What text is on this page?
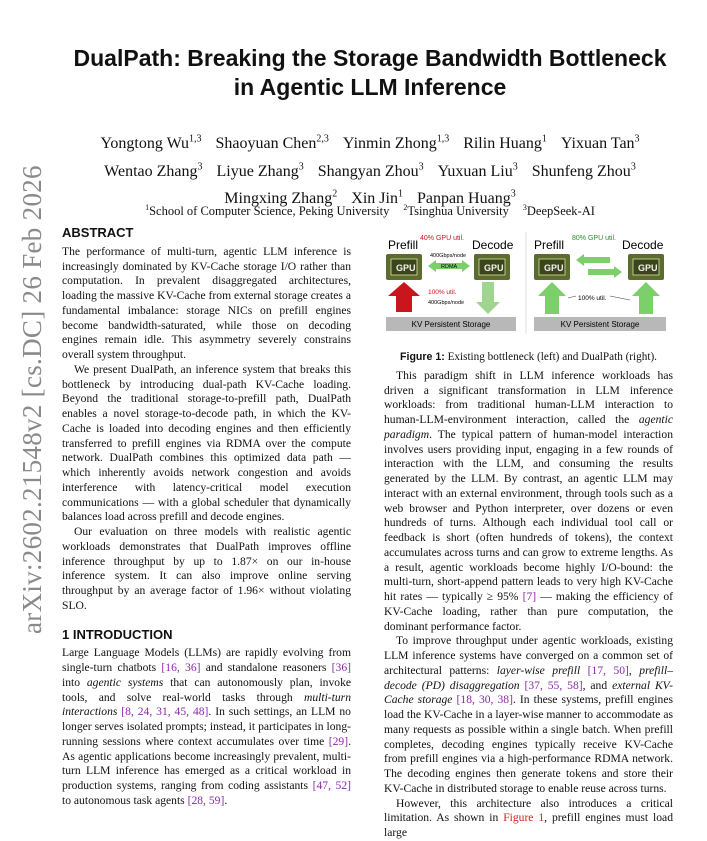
arXiv:2602.21548v2 [cs.DC] 26 Feb 2026
DualPath: Breaking the Storage Bandwidth Bottleneck in Agentic LLM Inference
Yongtong Wu$^{1,3}$ Shaoyuan Chen$^{2,3}$ Yinmin Zhong$^{1,3}$ Rilin Huang$^1$ Yixuan Tan$^3$ Wentao Zhang$^3$ Liyue Zhang$^3$ Shangyan Zhou$^3$ Yuxuan Liu$^3$ Shunfeng Zhou$^3$ Mingxing Zhang$^2$ Xin Jin$^1$ Panpan Huang$^3$
$^1$School of Computer Science, Peking University $^2$Tsinghua University $^3$DeepSeek-AI
ABSTRACT

The performance of multi-turn, agentic LLM inference is increasingly dominated by KV-Cache storage I/O rather than computation. In prevalent disaggregated architectures, loading the massive KV-Cache from external storage creates a fundamental imbalance: storage NICs on prefill engines become bandwidth-saturated, while those on decoding engines remain idle. This asymmetry severely constrains overall system throughput.

We present DualPath, an inference system that breaks this bottleneck by introducing dual-path KV-Cache loading. Beyond the traditional storage-to-prefill path, DualPath enables a novel storage-to-decode path, in which the KV-Cache is loaded into decoding engines and then efficiently transferred to prefill engines via RDMA over the compute network. DualPath combines this optimized data path — which inherently avoids network congestion and avoids interference with latency-critical model execution communications — with a global scheduler that dynamically balances load across prefill and decode engines.

Our evaluation on three models with realistic agentic workloads demonstrates that DualPath improves offline inference throughput by up to 1.87× on our in-house inference system. It can also improve online serving throughput by an average factor of 1.96× without violating SLO.

1 INTRODUCTION

Large Language Models (LLMs) are rapidly evolving from single-turn chatbots [16, 36] and standalone reasoners [36] into agentic systems that can autonomously plan, invoke tools, and solve real-world tasks through multi-turn interactions [8, 24, 31, 45, 48]. In such settings, an LLM no longer serves isolated prompts; instead, it participates in long-running sessions where context accumulates over time [29]. As agentic applications become increasingly prevalent, multi-turn LLM inference has emerged as a critical workload in production systems, ranging from coding assistants [47, 52] to autonomous task agents [28, 59].

Prefill	Decode
40% GPU util.
GPU	GPU
400Gbps/node
RDMA
100% util.
400Gbps/node
KV Persistent Storage
Prefill	Decode
80% GPU util.
GPU	GPU
100% util.
KV Persistent Storage
Figure 1: Existing bottleneck (left) and DualPath (right).

This paradigm shift in LLM inference workloads has driven a significant transformation in LLM inference workloads: from traditional human-LLM interaction to human-LLM-environment interaction, called the agentic paradigm. The typical pattern of human-model interaction involves users providing input, engaging in a few rounds of interaction with the LLM, and consuming the results generated by the LLM. By contrast, an agentic LLM may interact with an external environment, through tools such as a web browser and Python interpreter, over dozens or even hundreds of turns. Although each individual tool call or feedback is short (often hundreds of tokens), the context accumulates across turns and can grow to extreme lengths. As a result, agentic workloads become highly I/O-bound: the multi-turn, short-append pattern leads to very high KV-Cache hit rates — typically ≥ 95% [7] — making the efficiency of KV-Cache loading, rather than pure computation, the dominant performance factor.

To improve throughput under agentic workloads, existing LLM inference systems have converged on a common set of architectural patterns: layer-wise prefill [17, 50], prefill–decode (PD) disaggregation [37, 55, 58], and external KV-Cache storage [18, 30, 38]. In these systems, prefill engines load the KV-Cache in a layer-wise manner to accommodate as many requests as possible within a single batch. When prefill completes, decoding engines typically receive KV-Cache from prefill engines via a high-performance RDMA network. The decoding engines then generate tokens and store their KV-Cache in distributed storage to enable reuse across turns.

However, this architecture also introduces a critical limitation. As shown in Figure 1, prefill engines must load large
